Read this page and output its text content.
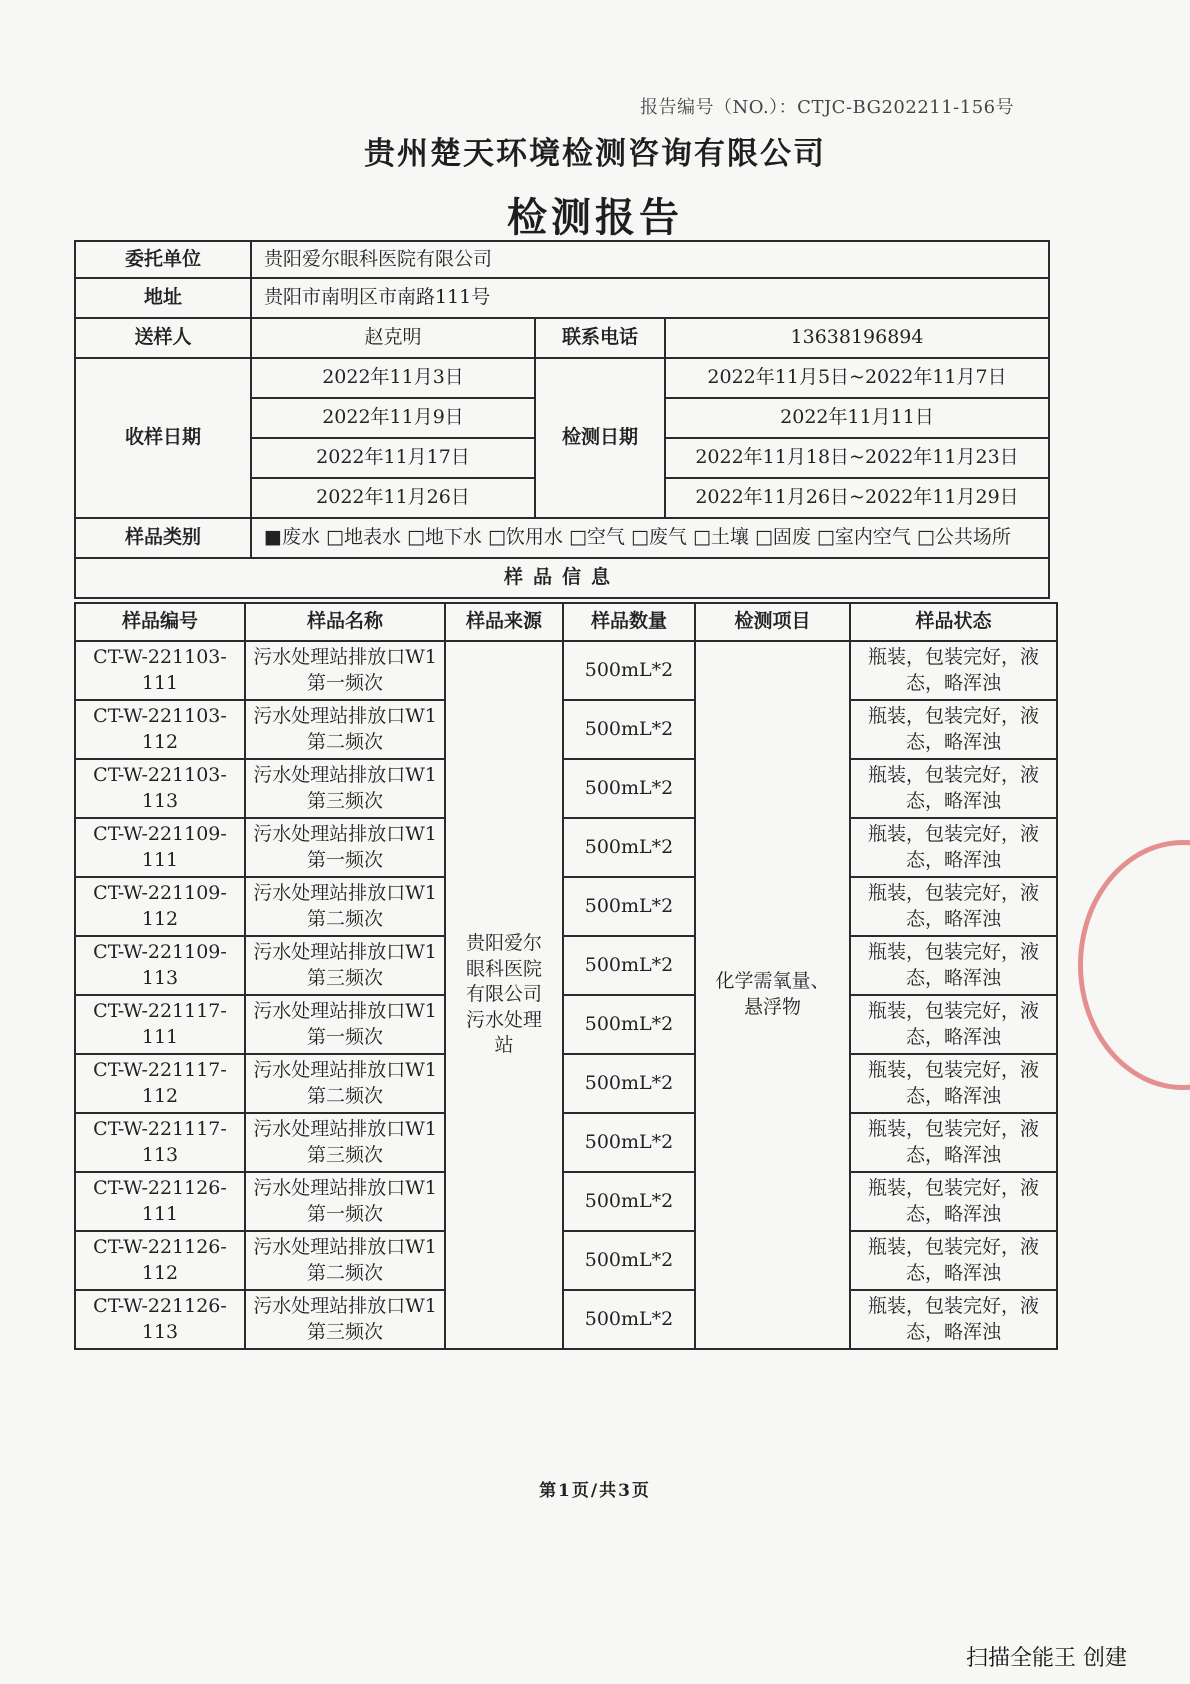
报告编号（NO.）：CTJC-BG202211-156号
贵州楚天环境检测咨询有限公司
检测报告
委托单位	贵阳爱尔眼科医院有限公司		
地址	贵阳市南明区市南路111号		
送样人	赵克明	联系电话	13638196894
收样日期	2022年11月3日	检测日期	2022年11月5日~2022年11月7日
	2022年11月9日		2022年11月11日
	2022年11月17日		2022年11月18日~2022年11月23日
	2022年11月26日		2022年11月26日~2022年11月29日
样品类别	■废水 □地表水 □地下水 □饮用水 □空气 □废气 □土壤 □固废 □室内空气 □公共场所		
样品信息			
样品编号	样品名称	样品来源	样品数量	检测项目	样品状态
CT-W-221103-111	污水处理站排放口W1第一频次	贵阳爱尔眼科医院有限公司污水处理站	500mL*2	化学需氧量、悬浮物	瓶装，包装完好，液态，略浑浊
CT-W-221103-112	污水处理站排放口W1第二频次		500mL*2		瓶装，包装完好，液态，略浑浊
CT-W-221103-113	污水处理站排放口W1第三频次		500mL*2		瓶装，包装完好，液态，略浑浊
CT-W-221109-111	污水处理站排放口W1第一频次		500mL*2		瓶装，包装完好，液态，略浑浊
CT-W-221109-112	污水处理站排放口W1第二频次		500mL*2		瓶装，包装完好，液态，略浑浊
CT-W-221109-113	污水处理站排放口W1第三频次		500mL*2		瓶装，包装完好，液态，略浑浊
CT-W-221117-111	污水处理站排放口W1第一频次		500mL*2		瓶装，包装完好，液态，略浑浊
CT-W-221117-112	污水处理站排放口W1第二频次		500mL*2		瓶装，包装完好，液态，略浑浊
CT-W-221117-113	污水处理站排放口W1第三频次		500mL*2		瓶装，包装完好，液态，略浑浊
CT-W-221126-111	污水处理站排放口W1第一频次		500mL*2		瓶装，包装完好，液态，略浑浊
CT-W-221126-112	污水处理站排放口W1第二频次		500mL*2		瓶装，包装完好，液态，略浑浊
CT-W-221126-113	污水处理站排放口W1第三频次		500mL*2		瓶装，包装完好，液态，略浑浊
第1页/共3页
扫描全能王 创建
